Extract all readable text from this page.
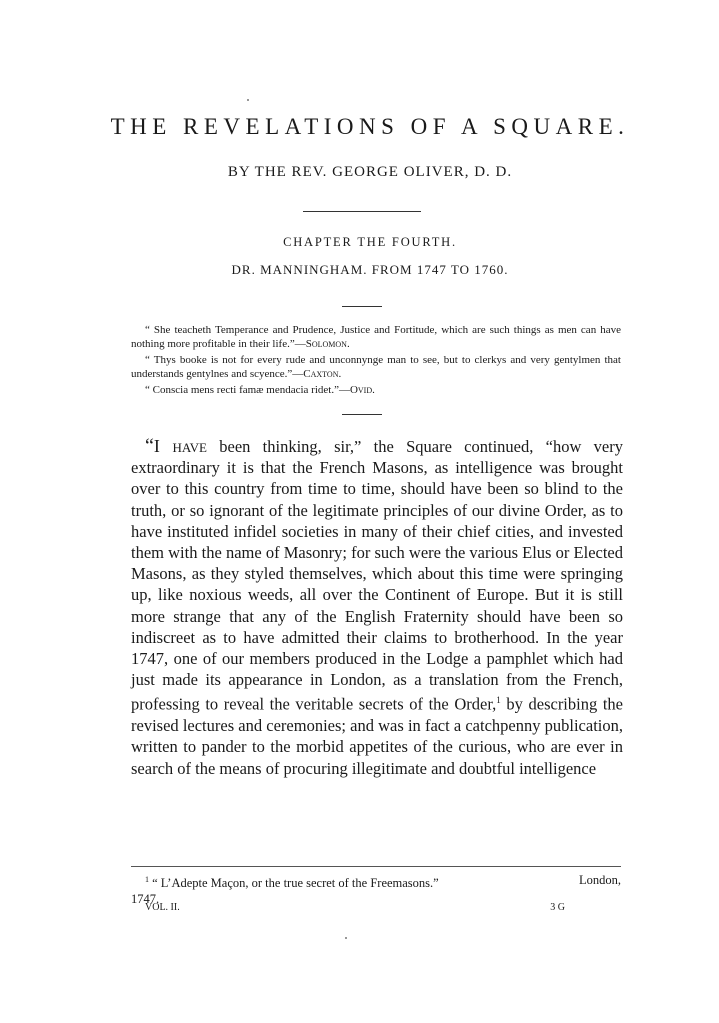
THE REVELATIONS OF A SQUARE.
BY THE REV. GEORGE OLIVER, D. D.
CHAPTER THE FOURTH.
DR. MANNINGHAM. FROM 1747 TO 1760.

“ She teacheth Temperance and Prudence, Justice and Fortitude, which are such things as men can have nothing more profitable in their life.”—Solomon.

“ Thys booke is not for every rude and unconnynge man to see, but to clerkys and very gentylmen that understands gentylnes and scyence.”—Caxton.

“ Conscia mens recti famæ mendacia ridet.”—Ovid.

“I have been thinking, sir,” the Square continued, “how very extraordinary it is that the French Masons, as intelligence was brought over to this country from time to time, should have been so blind to the truth, or so ignorant of the legitimate principles of our divine Order, as to have instituted infidel societies in many of their chief cities, and invested them with the name of Masonry; for such were the various Elus or Elected Masons, as they styled themselves, which about this time were springing up, like noxious weeds, all over the Continent of Europe. But it is still more strange that any of the English Fraternity should have been so indiscreet as to have admitted their claims to brotherhood. In the year 1747, one of our members produced in the Lodge a pamphlet which had just made its appearance in London, as a translation from the French, professing to reveal the veritable secrets of the Order,$^1$ by describing the revised lectures and ceremonies; and was in fact a catchpenny publication, written to pander to the morbid appetites of the curious, who are ever in search of the means of procuring illegitimate and doubtful intelligence

$^1$ “ L’Adepte Maçon, or the true secret of the Freemasons.”	London,
1747.
VOL. II.	3 G
